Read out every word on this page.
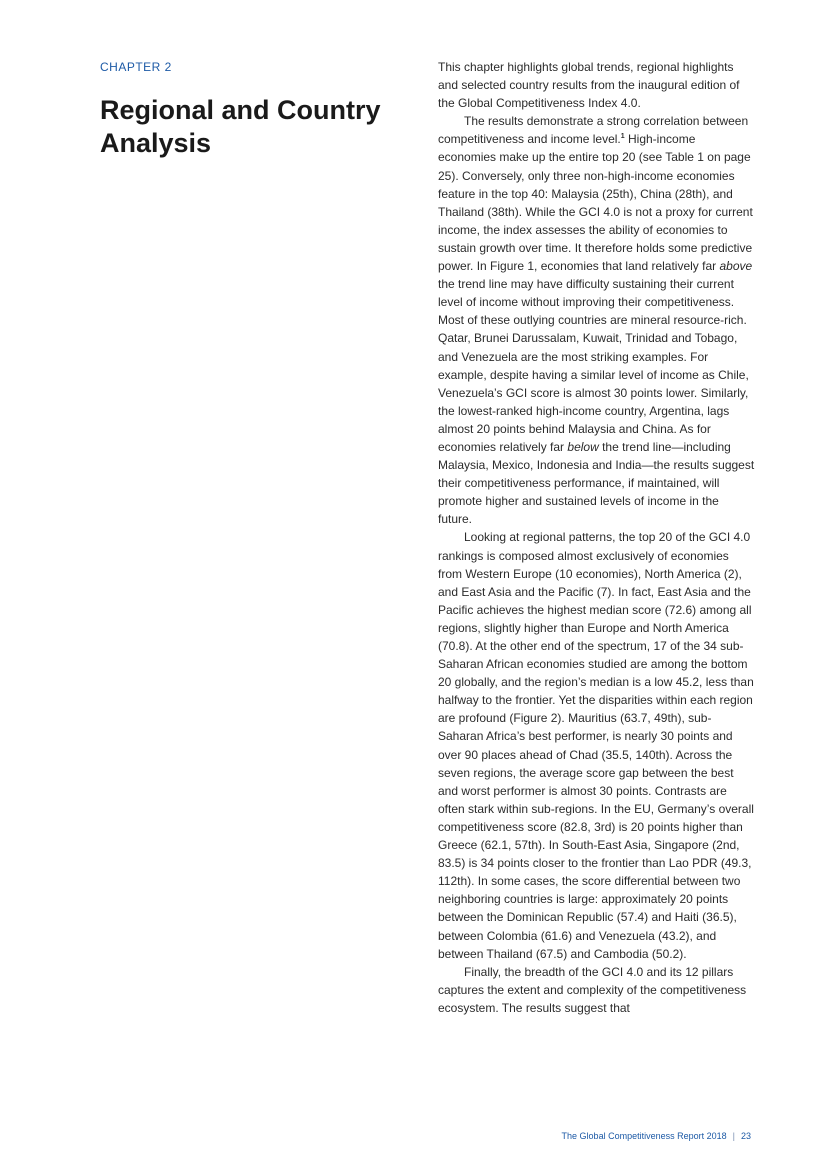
CHAPTER 2
Regional and Country Analysis

This chapter highlights global trends, regional highlights and selected country results from the inaugural edition of the Global Competitiveness Index 4.0.

The results demonstrate a strong correlation between competitiveness and income level.$^1$ High-income economies make up the entire top 20 (see Table 1 on page 25). Conversely, only three non-high-income economies feature in the top 40: Malaysia (25th), China (28th), and Thailand (38th). While the GCI 4.0 is not a proxy for current income, the index assesses the ability of economies to sustain growth over time. It therefore holds some predictive power. In Figure 1, economies that land relatively far above the trend line may have difficulty sustaining their current level of income without improving their competitiveness. Most of these outlying countries are mineral resource-rich. Qatar, Brunei Darussalam, Kuwait, Trinidad and Tobago, and Venezuela are the most striking examples. For example, despite having a similar level of income as Chile, Venezuela’s GCI score is almost 30 points lower. Similarly, the lowest-ranked high-income country, Argentina, lags almost 20 points behind Malaysia and China. As for economies relatively far below the trend line—including Malaysia, Mexico, Indonesia and India—the results suggest their competitiveness performance, if maintained, will promote higher and sustained levels of income in the future.

Looking at regional patterns, the top 20 of the GCI 4.0 rankings is composed almost exclusively of economies from Western Europe (10 economies), North America (2), and East Asia and the Pacific (7). In fact, East Asia and the Pacific achieves the highest median score (72.6) among all regions, slightly higher than Europe and North America (70.8). At the other end of the spectrum, 17 of the 34 sub-Saharan African economies studied are among the bottom 20 globally, and the region’s median is a low 45.2, less than halfway to the frontier. Yet the disparities within each region are profound (Figure 2). Mauritius (63.7, 49th), sub-Saharan Africa’s best performer, is nearly 30 points and over 90 places ahead of Chad (35.5, 140th). Across the seven regions, the average score gap between the best and worst performer is almost 30 points. Contrasts are often stark within sub-regions. In the EU, Germany’s overall competitiveness score (82.8, 3rd) is 20 points higher than Greece (62.1, 57th). In South-East Asia, Singapore (2nd, 83.5) is 34 points closer to the frontier than Lao PDR (49.3, 112th). In some cases, the score differential between two neighboring countries is large: approximately 20 points between the Dominican Republic (57.4) and Haiti (36.5), between Colombia (61.6) and Venezuela (43.2), and between Thailand (67.5) and Cambodia (50.2).

Finally, the breadth of the GCI 4.0 and its 12 pillars captures the extent and complexity of the competitiveness ecosystem. The results suggest that

The Global Competitiveness Report 2018 | 23
